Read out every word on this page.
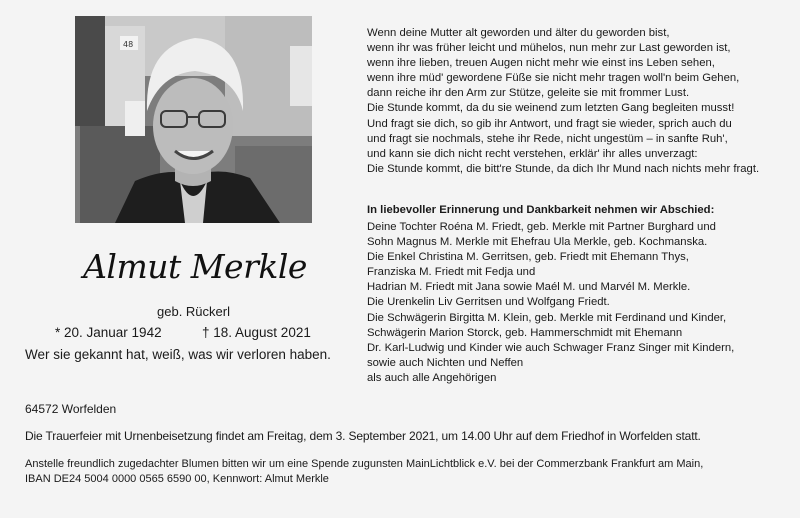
48
Almut Merkle
geb. Rückerl
* 20. Januar 1942	† 18. August 2021
Wer sie gekannt hat, weiß, was wir verloren haben.
Wenn deine Mutter alt geworden und älter du geworden bist,
wenn ihr was früher leicht und mühelos, nun mehr zur Last geworden ist,
wenn ihre lieben, treuen Augen nicht mehr wie einst ins Leben sehen,
wenn ihre müd' gewordene Füße sie nicht mehr tragen woll'n beim Gehen,
dann reiche ihr den Arm zur Stütze, geleite sie mit frommer Lust.
Die Stunde kommt, da du sie weinend zum letzten Gang begleiten musst!
Und fragt sie dich, so gib ihr Antwort, und fragt sie wieder, sprich auch du
und fragt sie nochmals, stehe ihr Rede, nicht ungestüm – in sanfte Ruh',
und kann sie dich nicht recht verstehen, erklär' ihr alles unverzagt:
Die Stunde kommt, die bitt're Stunde, da dich Ihr Mund nach nichts mehr fragt.
In liebevoller Erinnerung und Dankbarkeit nehmen wir Abschied:
Deine Tochter Roéna M. Friedt, geb. Merkle mit Partner Burghard und
Sohn Magnus M. Merkle mit Ehefrau Ula Merkle, geb. Kochmanska.
Die Enkel Christina M. Gerritsen, geb. Friedt mit Ehemann Thys,
Franziska M. Friedt mit Fedja und
Hadrian M. Friedt mit Jana sowie Maél M. und Marvél M. Merkle.
Die Urenkelin Liv Gerritsen und Wolfgang Friedt.
Die Schwägerin Birgitta M. Klein, geb. Merkle mit Ferdinand und Kinder,
Schwägerin Marion Storck, geb. Hammerschmidt mit Ehemann
Dr. Karl-Ludwig und Kinder wie auch Schwager Franz Singer mit Kindern,
sowie auch Nichten und Neffen
als auch alle Angehörigen
64572 Worfelden
Die Trauerfeier mit Urnenbeisetzung findet am Freitag, dem 3. September 2021, um 14.00 Uhr auf dem Friedhof in Worfelden statt.
Anstelle freundlich zugedachter Blumen bitten wir um eine Spende zugunsten MainLichtblick e.V. bei der Commerzbank Frankfurt am Main,
IBAN DE24 5004 0000 0565 6590 00, Kennwort: Almut Merkle
